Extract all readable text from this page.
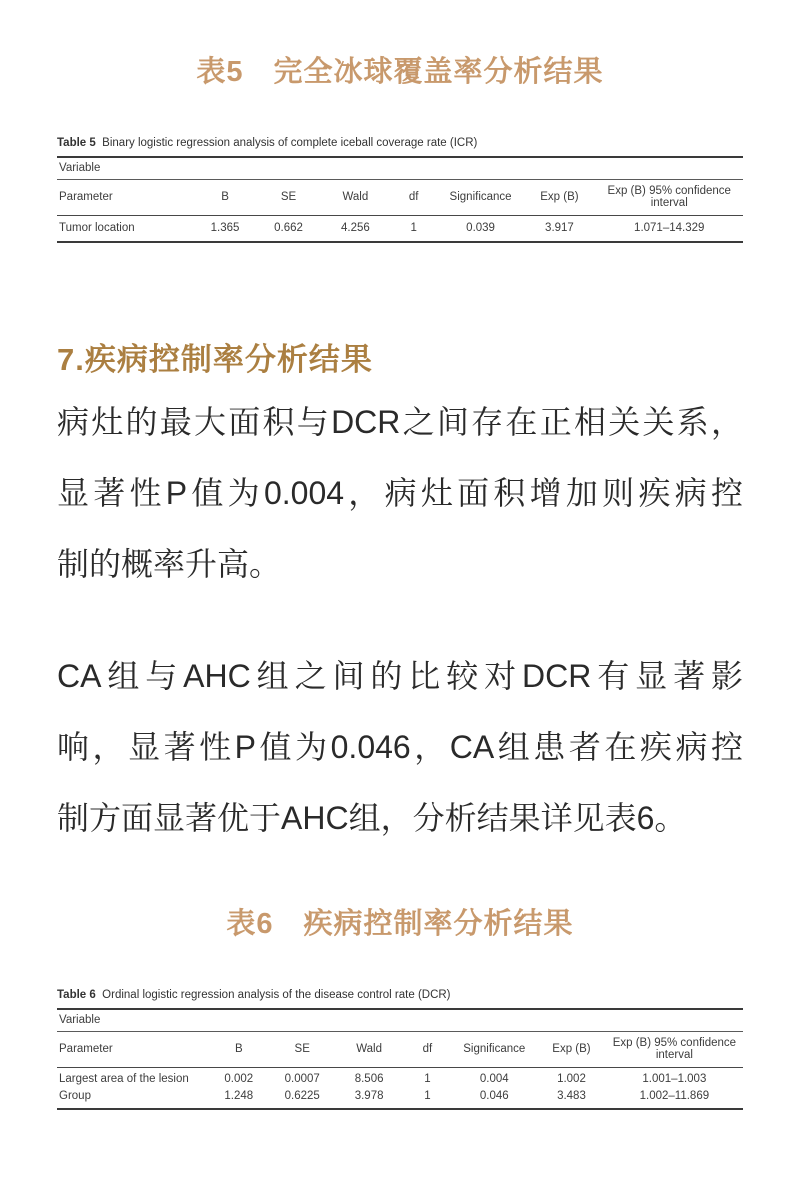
表5　完全冰球覆盖率分析结果
Table 5 Binary logistic regression analysis of complete iceball coverage rate (ICR)
Variable							
Parameter	B	SE	Wald	df	Significance	Exp (B)	Exp (B) 95% confidence interval
Tumor location	1.365	0.662	4.256	1	0.039	3.917	1.071–14.329
7.疾病控制率分析结果
病灶的最大面积与DCR之间存在正相关关系，
显著性P值为0.004，病灶面积增加则疾病控
制的概率升高。
CA组与AHC组之间的比较对DCR有显著影
响，显著性P值为0.046，CA组患者在疾病控
制方面显著优于AHC组，分析结果详见表6。
表6　疾病控制率分析结果
Table 6 Ordinal logistic regression analysis of the disease control rate (DCR)
Variable							
Parameter	B	SE	Wald	df	Significance	Exp (B)	Exp (B) 95% confidence interval
Largest area of the lesion	0.002	0.0007	8.506	1	0.004	1.002	1.001–1.003
Group	1.248	0.6225	3.978	1	0.046	3.483	1.002–11.869
